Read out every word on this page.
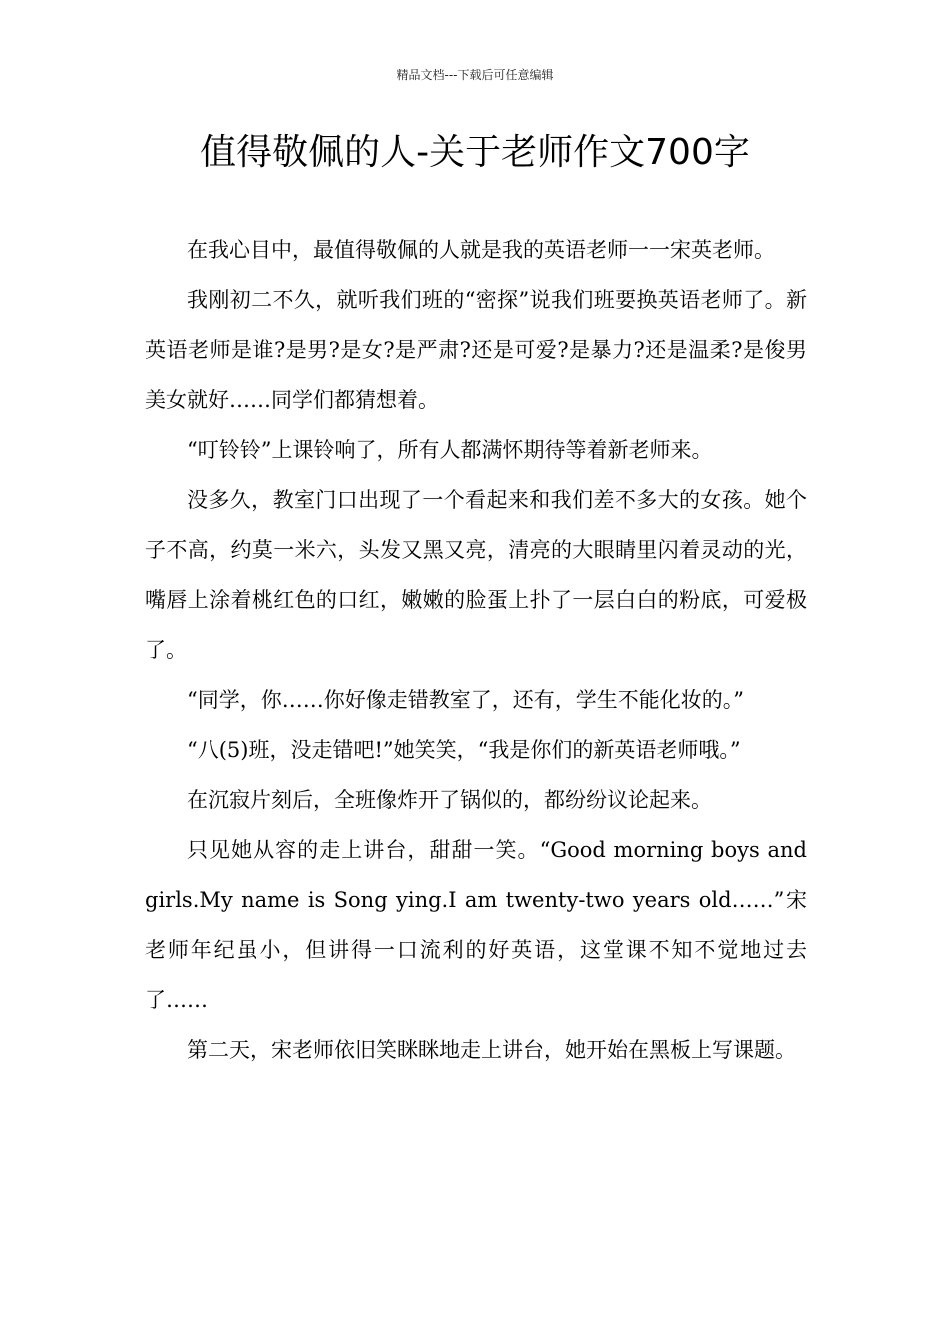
精品文档---下载后可任意编辑
值得敬佩的人-关于老师作文700字

在我心目中，最值得敬佩的人就是我的英语老师一一宋英老师。

我刚初二不久，就听我们班的“密探”说我们班要换英语老师了。新英语老师是谁?是男?是女?是严肃?还是可爱?是暴力?还是温柔?是俊男美女就好……同学们都猜想着。

“叮铃铃”上课铃响了，所有人都满怀期待等着新老师来。

没多久，教室门口出现了一个看起来和我们差不多大的女孩。她个子不高，约莫一米六，头发又黑又亮，清亮的大眼睛里闪着灵动的光，嘴唇上涂着桃红色的口红，嫩嫩的脸蛋上扑了一层白白的粉底，可爱极了。

“同学，你……你好像走错教室了，还有，学生不能化妆的。”

“八(5)班，没走错吧!”她笑笑，“我是你们的新英语老师哦。”

在沉寂片刻后，全班像炸开了锅似的，都纷纷议论起来。

只见她从容的走上讲台，甜甜一笑。“Good morning boys and girls.My name is Song ying.I am twenty-two years old……”宋老师年纪虽小，但讲得一口流利的好英语，这堂课不知不觉地过去了……

第二天，宋老师依旧笑眯眯地走上讲台，她开始在黑板上写课题。
